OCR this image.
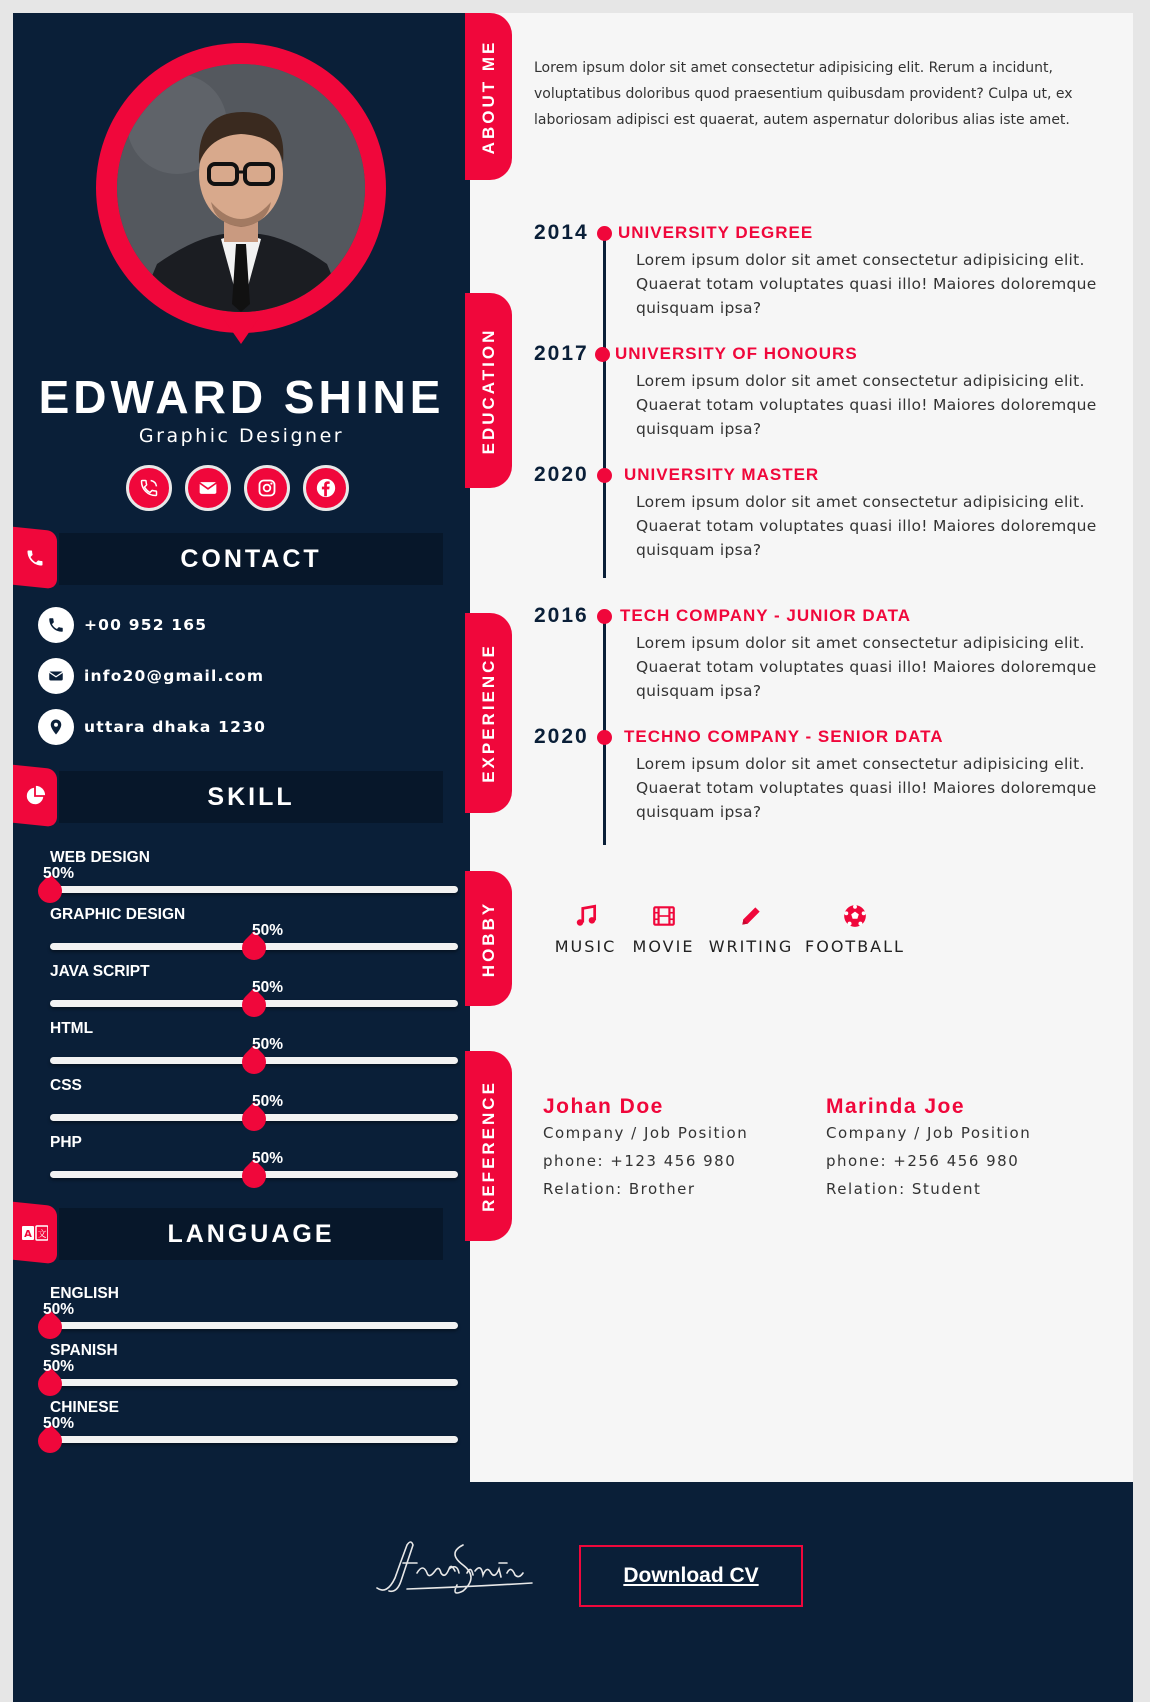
EDWARD SHINE
Graphic Designer
CONTACT
+00 952 165
info20@gmail.com
uttara dhaka 1230
SKILL
WEB DESIGN
50%
GRAPHIC DESIGN
50%
JAVA SCRIPT
50%
HTML
50%
CSS
50%
PHP
50%
A 文	LANGUAGE
ENGLISH
50%
SPANISH
50%
CHINESE
50%
ABOUT ME
EDUCATION
EXPERIENCE
HOBBY
REFERENCE
Lorem ipsum dolor sit amet consectetur adipisicing elit. Rerum a incidunt, voluptatibus doloribus quod praesentium quibusdam provident? Culpa ut, ex laboriosam adipisci est quaerat, autem aspernatur doloribus alias iste amet.
2014 UNIVERSITY DEGREE
Lorem ipsum dolor sit amet consectetur adipisicing elit. Quaerat totam voluptates quasi illo! Maiores doloremque quisquam ipsa?
2017 UNIVERSITY OF HONOURS
Lorem ipsum dolor sit amet consectetur adipisicing elit. Quaerat totam voluptates quasi illo! Maiores doloremque quisquam ipsa?
2020 UNIVERSITY MASTER
Lorem ipsum dolor sit amet consectetur adipisicing elit. Quaerat totam voluptates quasi illo! Maiores doloremque quisquam ipsa?
2016 TECH COMPANY - JUNIOR DATA
Lorem ipsum dolor sit amet consectetur adipisicing elit. Quaerat totam voluptates quasi illo! Maiores doloremque quisquam ipsa?
2020 TECHNO COMPANY - SENIOR DATA
Lorem ipsum dolor sit amet consectetur adipisicing elit. Quaerat totam voluptates quasi illo! Maiores doloremque quisquam ipsa?
MUSIC	MOVIE WRITING FOOTBALL
Johan Doe
Company / Job Position
phone: +123 456 980
Relation: Brother
Marinda Joe
Company / Job Position
phone: +256 456 980
Relation: Student
Download CV
